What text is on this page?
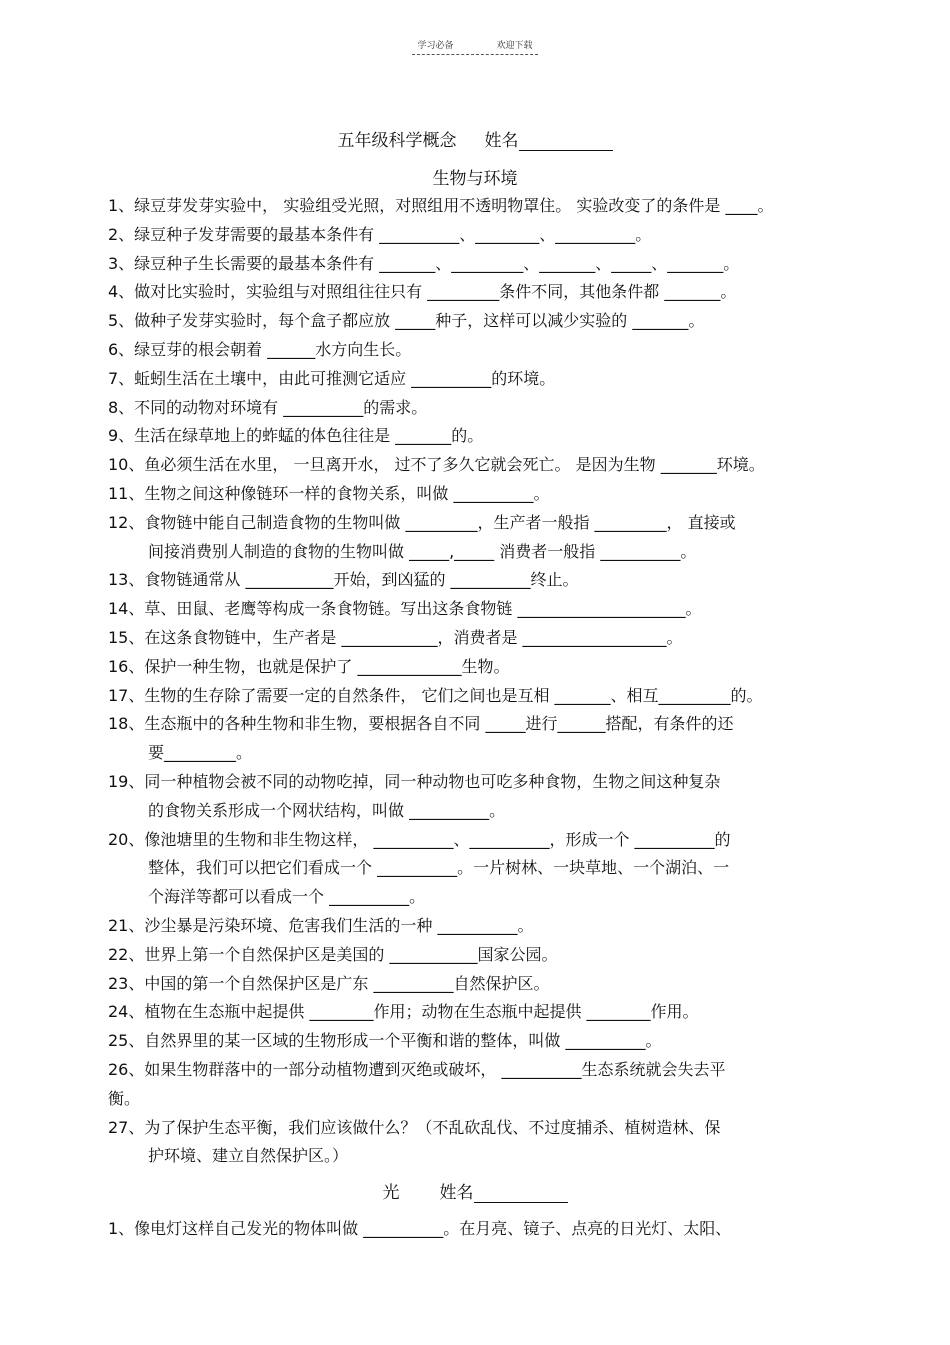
学习必备	欢迎下载
五年级科学概念 姓名
生物与环境
1、绿豆芽发芽实验中， 实验组受光照，对照组用不透明物罩住。 实验改变了的条件是 ____。
2、绿豆种子发芽需要的最基本条件有 __________、________、__________。
3、绿豆种子生长需要的最基本条件有 _______、_________、_______、_____、_______。
4、做对比实验时，实验组与对照组往往只有 _________条件不同，其他条件都 _______。
5、做种子发芽实验时，每个盒子都应放 _____种子，这样可以减少实验的 _______。
6、绿豆芽的根会朝着 ______水方向生长。
7、蚯蚓生活在土壤中，由此可推测它适应 __________的环境。
8、不同的动物对环境有 __________的需求。
9、生活在绿草地上的蚱蜢的体色往往是 _______的。
10、鱼必须生活在水里， 一旦离开水， 过不了多久它就会死亡。 是因为生物 _______环境。
11、生物之间这种像链环一样的食物关系，叫做 __________。
12、食物链中能自己制造食物的生物叫做 _________，生产者一般指 _________， 直接或
间接消费别人制造的食物的生物叫做 _____,_____ 消费者一般指 __________。
13、食物链通常从 ___________开始，到凶猛的 __________终止。
14、草、田鼠、老鹰等构成一条食物链。写出这条食物链 _____________________。
15、在这条食物链中，生产者是 ____________，消费者是 __________________。
16、保护一种生物，也就是保护了 _____________生物。
17、生物的生存除了需要一定的自然条件， 它们之间也是互相 _______、相互_________的。
18、生态瓶中的各种生物和非生物，要根据各自不同 _____进行______搭配，有条件的还
要_________。
19、同一种植物会被不同的动物吃掉，同一种动物也可吃多种食物，生物之间这种复杂
的食物关系形成一个网状结构，叫做 __________。
20、像池塘里的生物和非生物这样， __________、__________，形成一个 __________的
整体，我们可以把它们看成一个 __________。一片树林、一块草地、一个湖泊、一
个海洋等都可以看成一个 __________。
21、沙尘暴是污染环境、危害我们生活的一种 __________。
22、世界上第一个自然保护区是美国的 ___________国家公园。
23、中国的第一个自然保护区是广东 __________自然保护区。
24、植物在生态瓶中起提供 ________作用；动物在生态瓶中起提供 ________作用。
25、自然界里的某一区域的生物形成一个平衡和谐的整体，叫做 __________。
26、如果生物群落中的一部分动植物遭到灭绝或破坏， __________生态系统就会失去平
衡。
27、为了保护生态平衡，我们应该做什么？（不乱砍乱伐、不过度捕杀、植树造林、保
护环境、建立自然保护区。）
光 姓名
1、像电灯这样自己发光的物体叫做 __________。在月亮、镜子、点亮的日光灯、太阳、
